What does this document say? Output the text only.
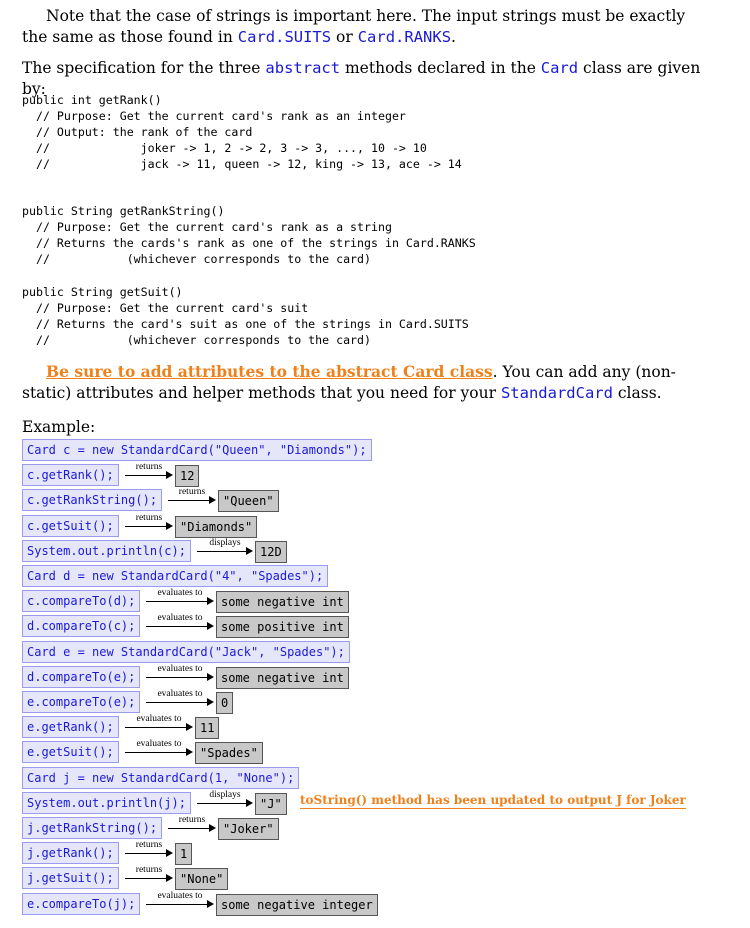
Note that the case of strings is important here. The input strings must be exactly the same as those found in Card.SUITS or Card.RANKS.
The specification for the three abstract methods declared in the Card class are given by:
public int getRank()
// Purpose: Get the current card's rank as an integer
// Output: the rank of the card
//             joker -> 1, 2 -> 2, 3 -> 3, ..., 10 -> 10
//             jack -> 11, queen -> 12, king -> 13, ace -> 14
public String getRankString()
// Purpose: Get the current card's rank as a string
// Returns the cards's rank as one of the strings in Card.RANKS
//           (whichever corresponds to the card)
public String getSuit()
// Purpose: Get the current card's suit
// Returns the card's suit as one of the strings in Card.SUITS
//           (whichever corresponds to the card)
Be sure to add attributes to the abstract Card class. You can add any (non-static) attributes and helper methods that you need for your StandardCard class.
Example:
Card c = new StandardCard("Queen", "Diamonds");
c.getRank();
returns
12
c.getRankString();
returns
"Queen"
c.getSuit();
returns
"Diamonds"
System.out.println(c);
displays
12D
Card d = new StandardCard("4", "Spades");
c.compareTo(d);
evaluates to
some negative int
d.compareTo(c);
evaluates to
some positive int
Card e = new StandardCard("Jack", "Spades");
d.compareTo(e);
evaluates to
some negative int
e.compareTo(e);
evaluates to
0
e.getRank();
evaluates to
11
e.getSuit();
evaluates to
"Spades"
Card j = new StandardCard(1, "None");
System.out.println(j);
displays
"J"	toString() method has been updated to output J for Joker
j.getRankString();
returns
"Joker"
j.getRank();
returns
1
j.getSuit();
returns
"None"
e.compareTo(j);
evaluates to
some negative integer
